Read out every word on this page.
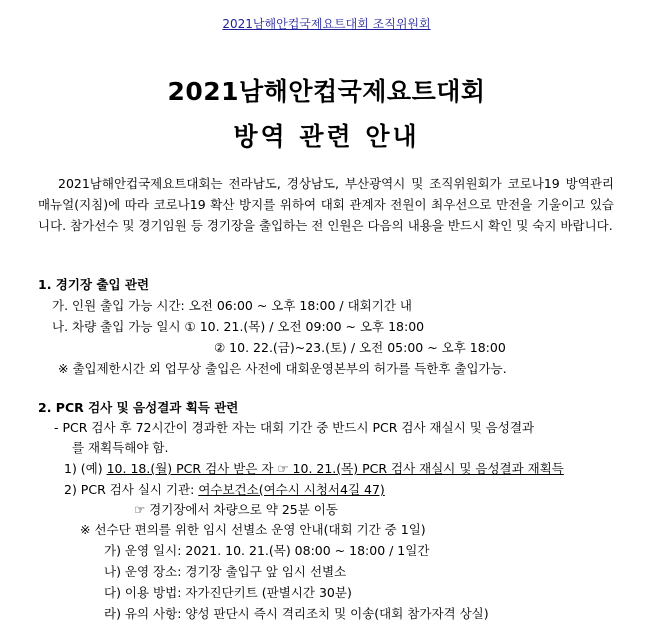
2021남해안컵국제요트대회 조직위원회
2021남해안컵국제요트대회
방역 관련 안내
2021남해안컵국제요트대회는 전라남도, 경상남도, 부산광역시 및 조직위원회가 코로나19 방역관리 매뉴얼(지침)에 따라 코로나19 확산 방지를 위하여 대회 관계자 전원이 최우선으로 만전을 기울이고 있습니다. 참가선수 및 경기임원 등 경기장을 출입하는 전 인원은 다음의 내용을 반드시 확인 및 숙지 바랍니다.
1. 경기장 출입 관련
가. 인원 출입 가능 시간: 오전 06:00 ~ 오후 18:00 / 대회기간 내
나. 차량 출입 가능 일시 ① 10. 21.(목) / 오전 09:00 ~ 오후 18:00
② 10. 22.(금)~23.(토) / 오전 05:00 ~ 오후 18:00
※ 출입제한시간 외 업무상 출입은 사전에 대회운영본부의 허가를 득한후 출입가능.
2. PCR 검사 및 음성결과 획득 관련
- PCR 검사 후 72시간이 경과한 자는 대회 기간 중 반드시 PCR 검사 재실시 및 음성결과
를 재획득해야 함.
1) (예) 10. 18.(월) PCR 검사 받은 자 ☞ 10. 21.(목) PCR 검사 재실시 및 음성결과 재획득
2) PCR 검사 실시 기관: 여수보건소(여수시 시청서4길 47)
☞ 경기장에서 차량으로 약 25분 이동
※ 선수단 편의를 위한 임시 선별소 운영 안내(대회 기간 중 1일)
가) 운영 일시: 2021. 10. 21.(목) 08:00 ~ 18:00 / 1일간
나) 운영 장소: 경기장 출입구 앞 임시 선별소
다) 이용 방법: 자가진단키트 (판별시간 30분)
라) 유의 사항: 양성 판단시 즉시 격리조치 및 이송(대회 참가자격 상실)
